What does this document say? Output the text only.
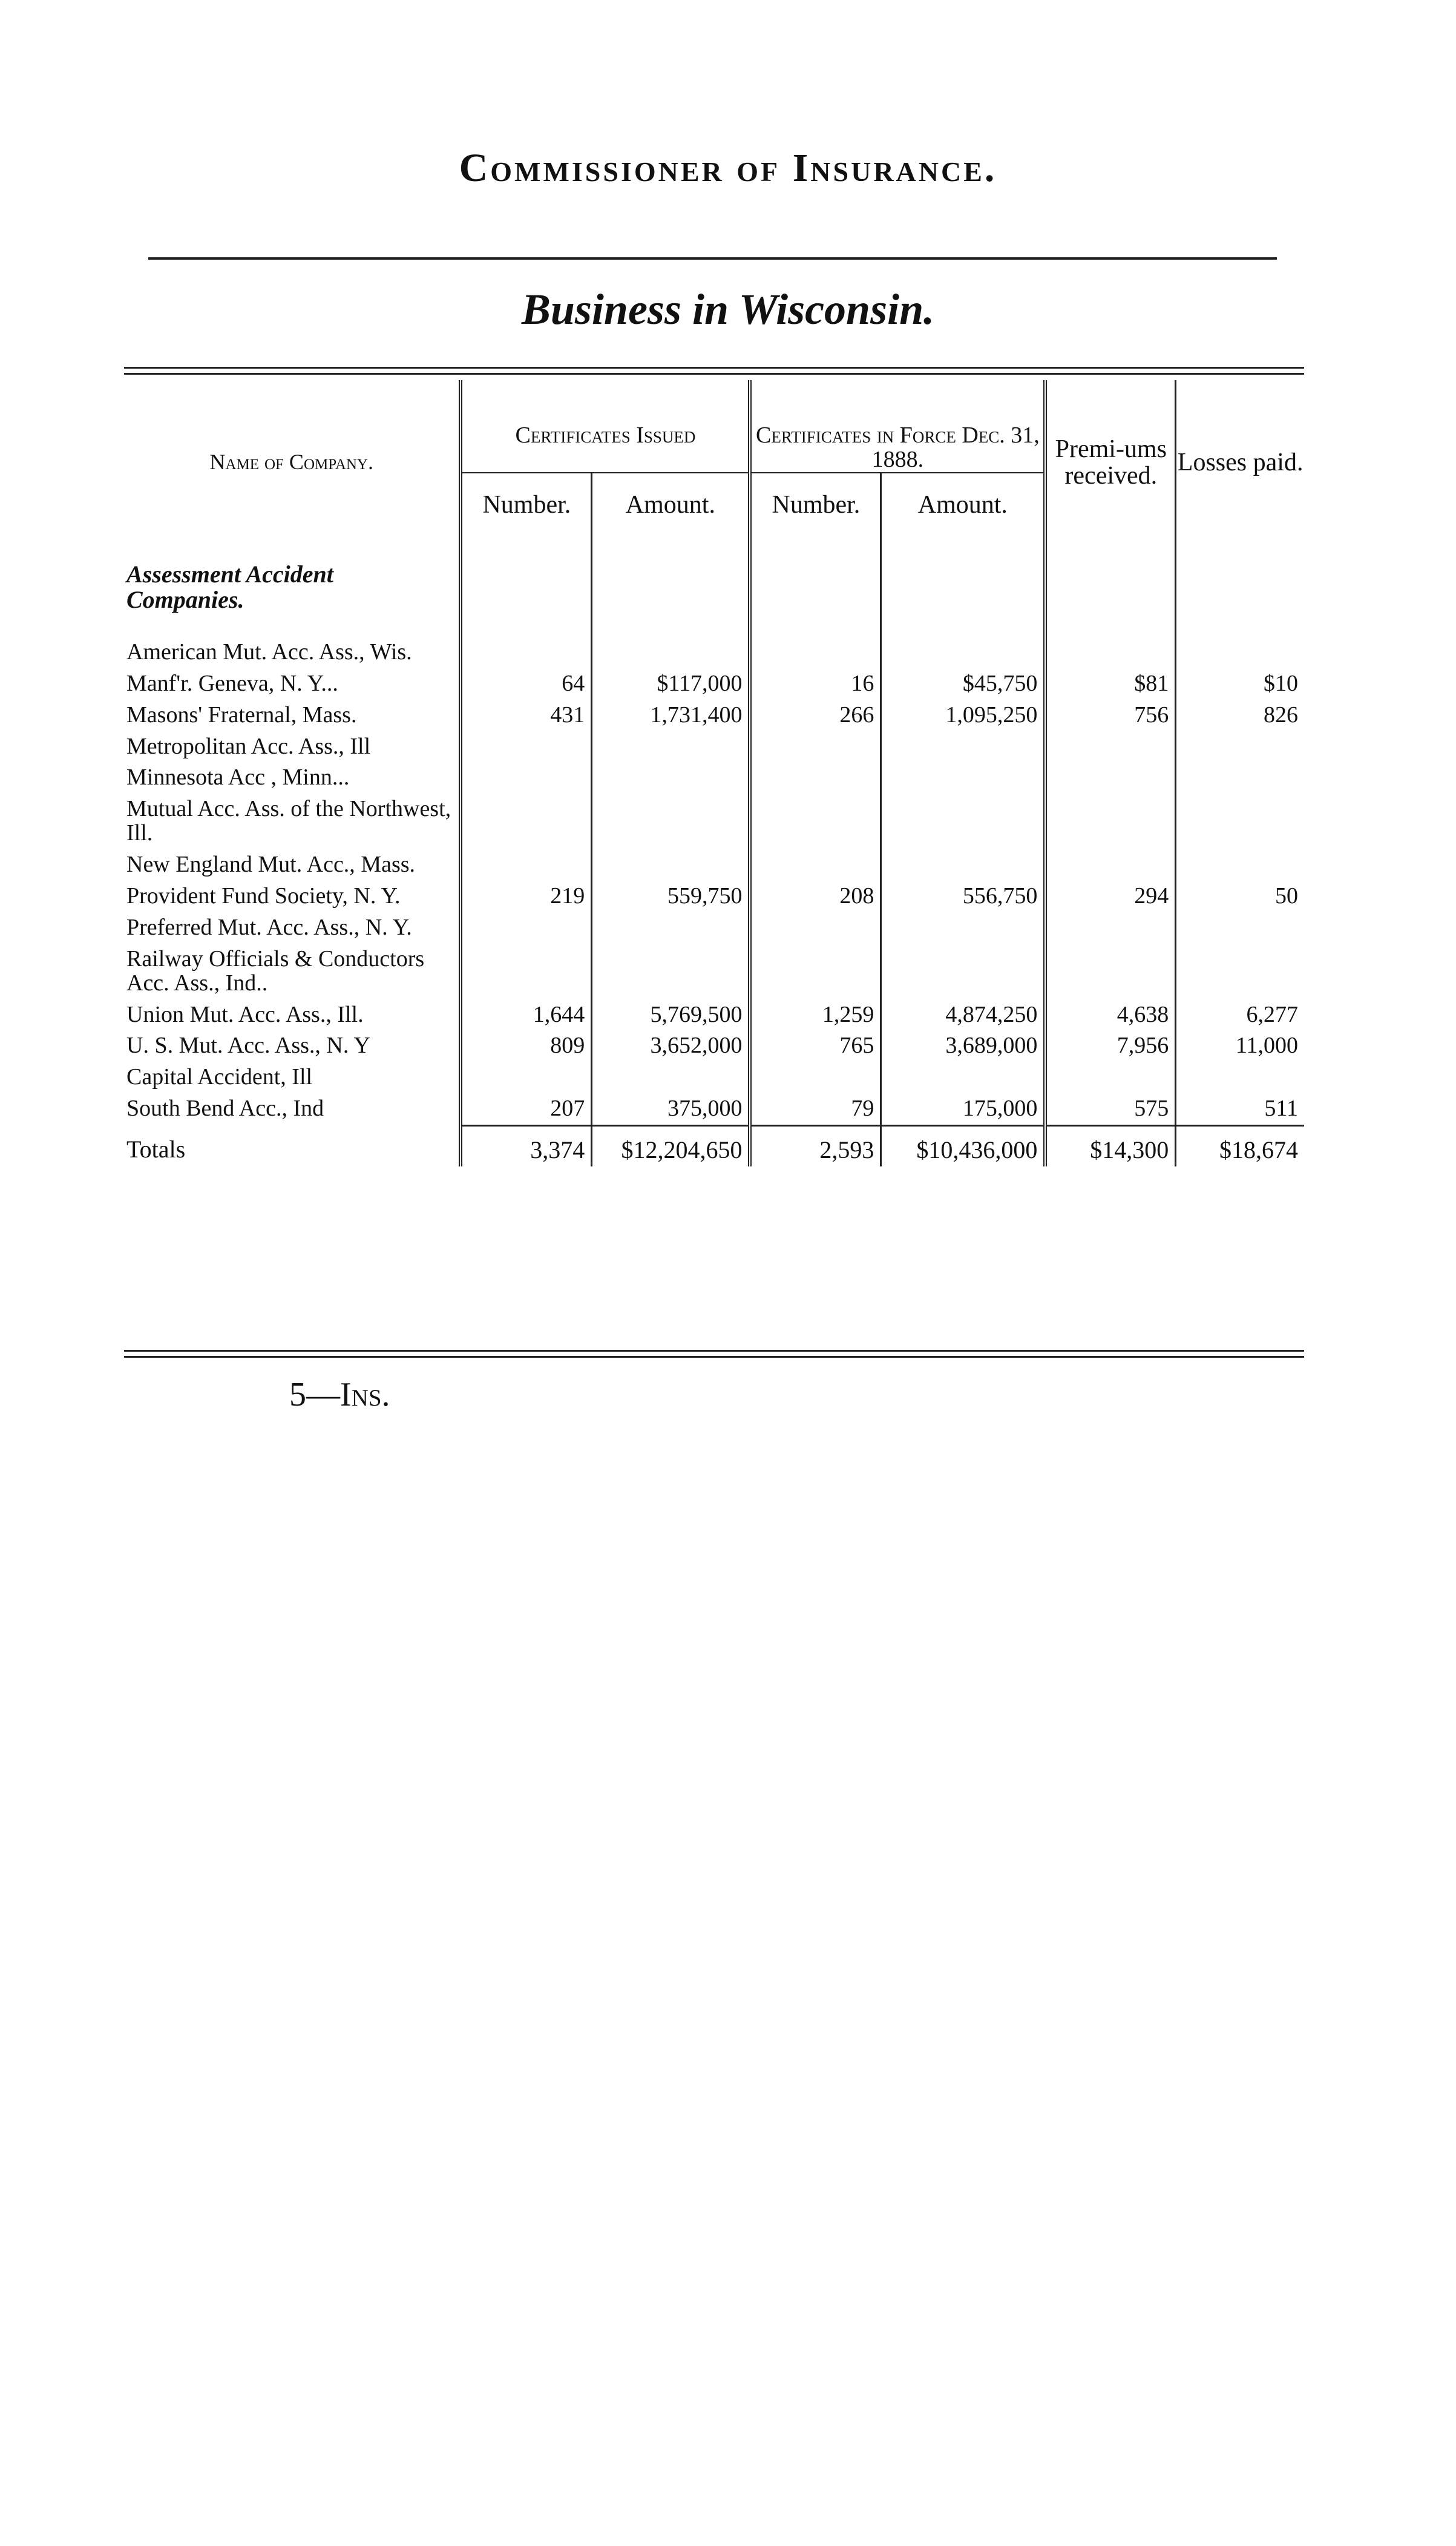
Commissioner of Insurance.
Business in Wisconsin.
Name of Company.	Certificates Issued		Certificates in Force Dec. 31, 1888.		Premi-ums received.	Losses paid.
	Number.	Amount.	Number.	Amount.		
Assessment Accident Companies.						
American Mut. Acc. Ass., Wis.						
Manf'r. Geneva, N. Y...	64	$117,000	16	$45,750	$81	$10
Masons' Fraternal, Mass.	431	1,731,400	266	1,095,250	756	826
Metropolitan Acc. Ass., Ill						
Minnesota Acc , Minn...						
Mutual Acc. Ass. of the Northwest, Ill.						
New England Mut. Acc., Mass.						
Provident Fund Society, N. Y.	219	559,750	208	556,750	294	50
Preferred Mut. Acc. Ass., N. Y.						
Railway Officials & Conductors Acc. Ass., Ind..						
Union Mut. Acc. Ass., Ill.	1,644	5,769,500	1,259	4,874,250	4,638	6,277
U. S. Mut. Acc. Ass., N. Y	809	3,652,000	765	3,689,000	7,956	11,000
Capital Accident, Ill						
South Bend Acc., Ind	207	375,000	79	175,000	575	511
Totals	3,374	$12,204,650	2,593	$10,436,000	$14,300	$18,674
5—Ins.
